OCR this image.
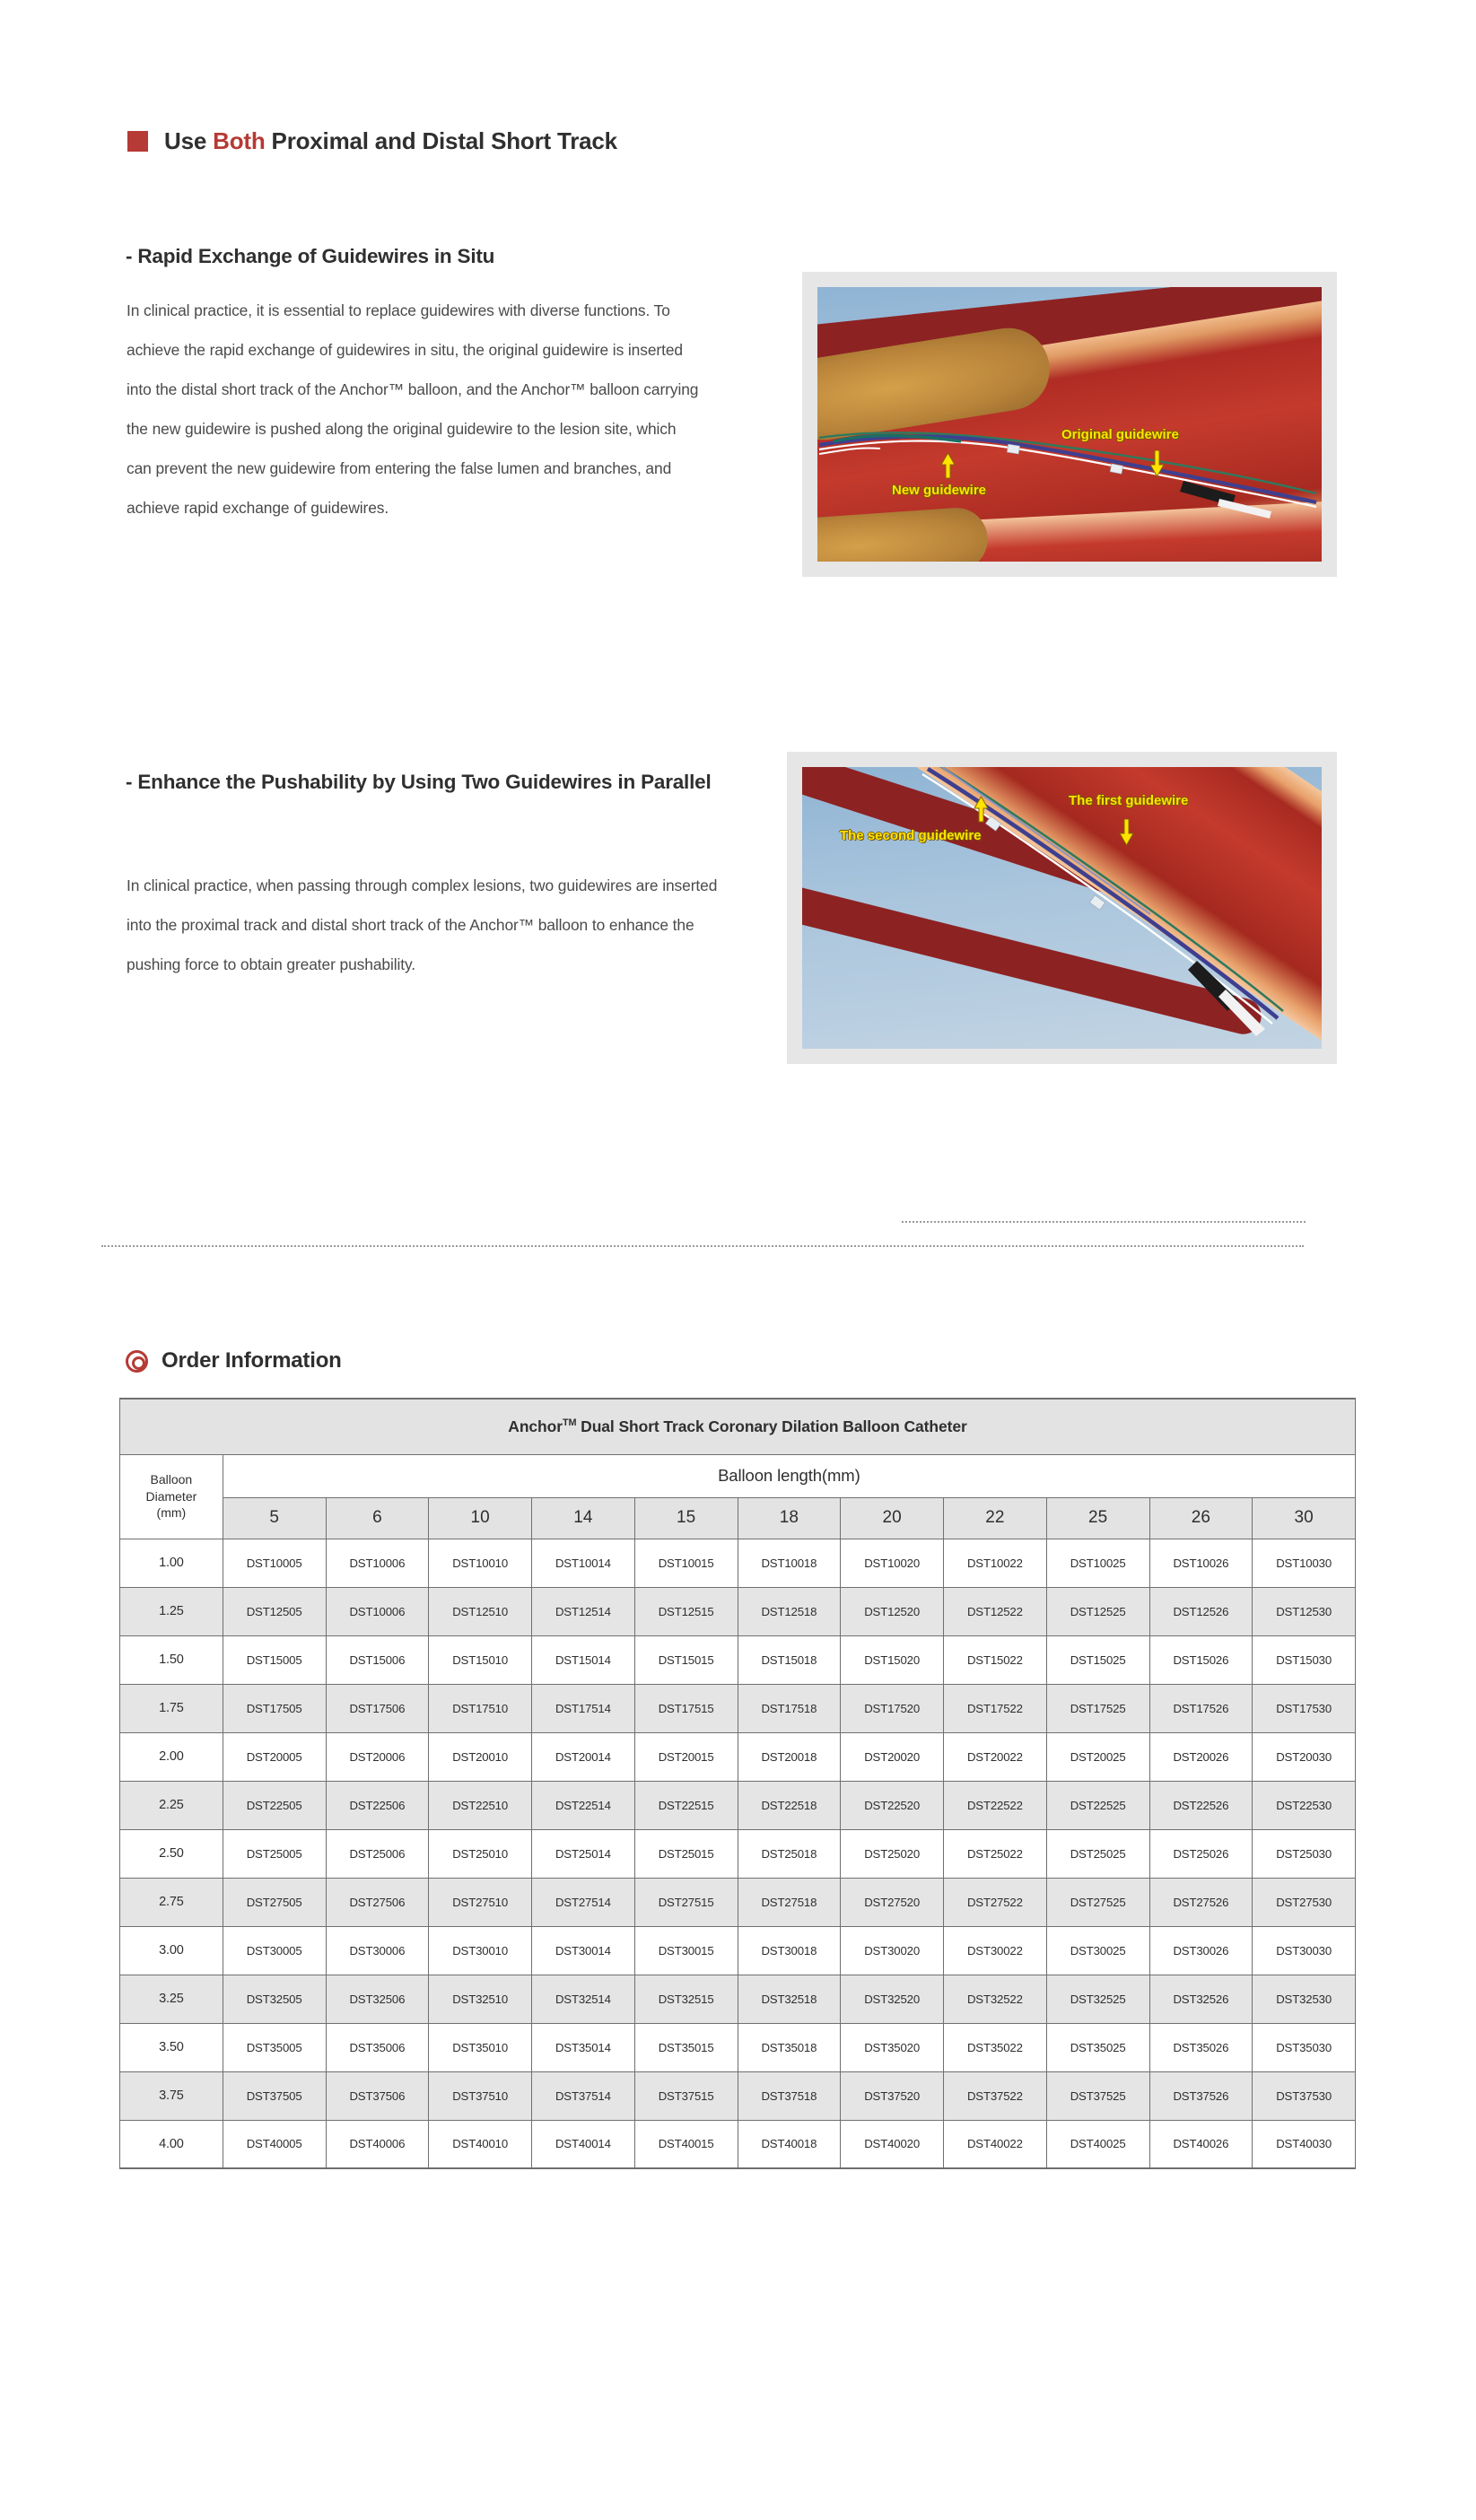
Use Both Proximal and Distal Short Track
- Rapid Exchange of Guidewires in Situ

In clinical practice, it is essential to replace guidewires with diverse functions. To achieve the rapid exchange of guidewires in situ, the original guidewire is inserted into the distal short track of the Anchor™ balloon, and the Anchor™ balloon carrying the new guidewire is pushed along the original guidewire to the lesion site, which can prevent the new guidewire from entering the false lumen and branches, and achieve rapid exchange of guidewires.

Original guidewire
New guidewire
- Enhance the Pushability by Using Two Guidewires in Parallel

In clinical practice, when passing through complex lesions, two guidewires are inserted into the proximal track and distal short track of the Anchor™ balloon to enhance the pushing force to obtain greater pushability.

The first guidewire
The second guidewire
Order Information
Anchor™ Dual Short Track Coronary Dilation Balloon Catheter											

Balloon
Diameter
(mm)	Balloon length(mm)										
	5	6	10	14	15	18	20	22	25	26	30
1.00	DST10005	DST10006	DST10010	DST10014	DST10015	DST10018	DST10020	DST10022	DST10025	DST10026	DST10030
1.25	DST12505	DST10006	DST12510	DST12514	DST12515	DST12518	DST12520	DST12522	DST12525	DST12526	DST12530
1.50	DST15005	DST15006	DST15010	DST15014	DST15015	DST15018	DST15020	DST15022	DST15025	DST15026	DST15030
1.75	DST17505	DST17506	DST17510	DST17514	DST17515	DST17518	DST17520	DST17522	DST17525	DST17526	DST17530
2.00	DST20005	DST20006	DST20010	DST20014	DST20015	DST20018	DST20020	DST20022	DST20025	DST20026	DST20030
2.25	DST22505	DST22506	DST22510	DST22514	DST22515	DST22518	DST22520	DST22522	DST22525	DST22526	DST22530
2.50	DST25005	DST25006	DST25010	DST25014	DST25015	DST25018	DST25020	DST25022	DST25025	DST25026	DST25030
2.75	DST27505	DST27506	DST27510	DST27514	DST27515	DST27518	DST27520	DST27522	DST27525	DST27526	DST27530
3.00	DST30005	DST30006	DST30010	DST30014	DST30015	DST30018	DST30020	DST30022	DST30025	DST30026	DST30030
3.25	DST32505	DST32506	DST32510	DST32514	DST32515	DST32518	DST32520	DST32522	DST32525	DST32526	DST32530
3.50	DST35005	DST35006	DST35010	DST35014	DST35015	DST35018	DST35020	DST35022	DST35025	DST35026	DST35030
3.75	DST37505	DST37506	DST37510	DST37514	DST37515	DST37518	DST37520	DST37522	DST37525	DST37526	DST37530
4.00	DST40005	DST40006	DST40010	DST40014	DST40015	DST40018	DST40020	DST40022	DST40025	DST40026	DST40030
